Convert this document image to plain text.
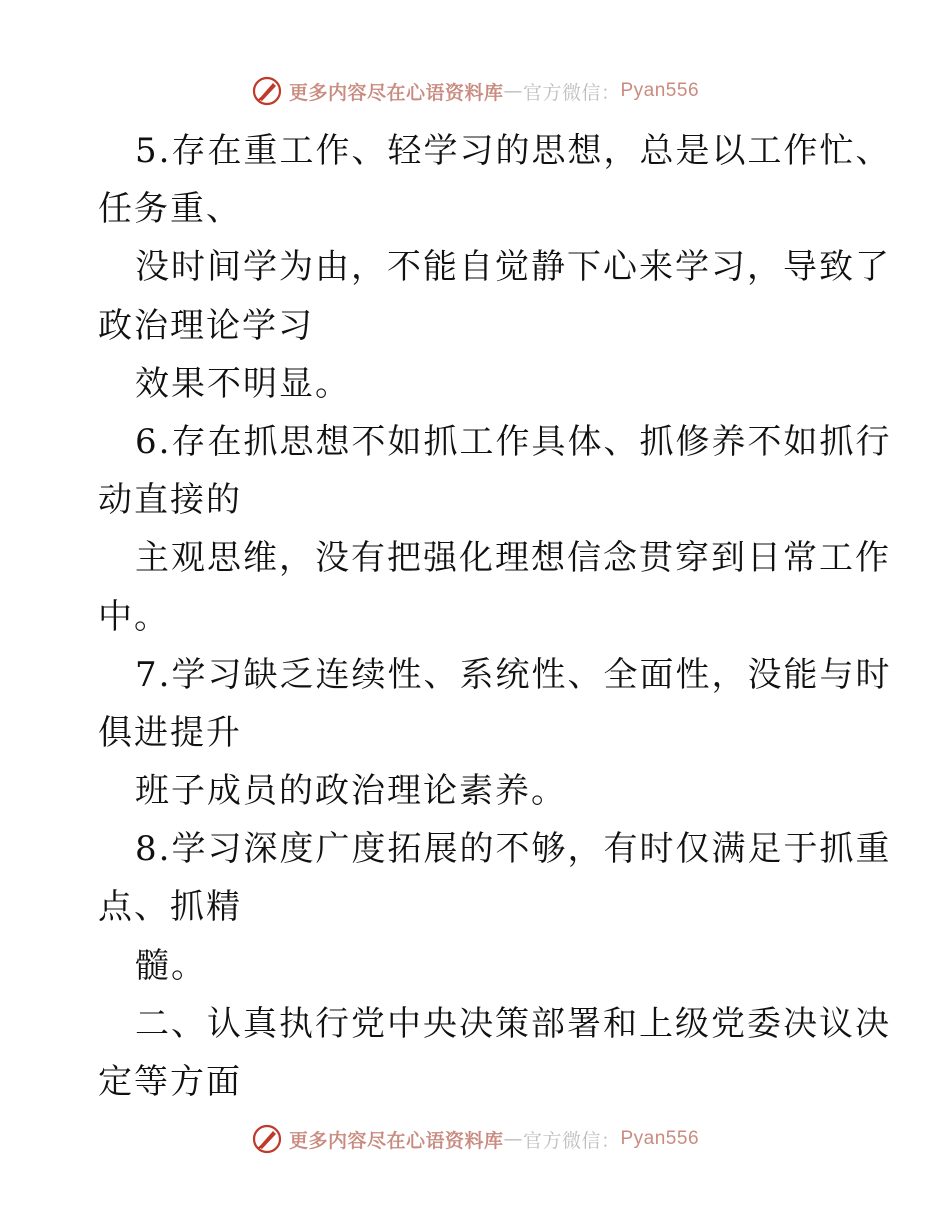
更多内容尽在心语资料库 — 官方微信： Pyan556
5.存在重工作、轻学习的思想，总是以工作忙、
任务重、
没时间学为由，不能自觉静下心来学习，导致了
政治理论学习
效果不明显。
6.存在抓思想不如抓工作具体、抓修养不如抓行
动直接的
主观思维，没有把强化理想信念贯穿到日常工作
中。
7.学习缺乏连续性、系统性、全面性，没能与时
俱进提升
班子成员的政治理论素养。
8.学习深度广度拓展的不够，有时仅满足于抓重
点、抓精
髓。
二、认真执行党中央决策部署和上级党委决议决
定等方面
更多内容尽在心语资料库 — 官方微信： Pyan556
